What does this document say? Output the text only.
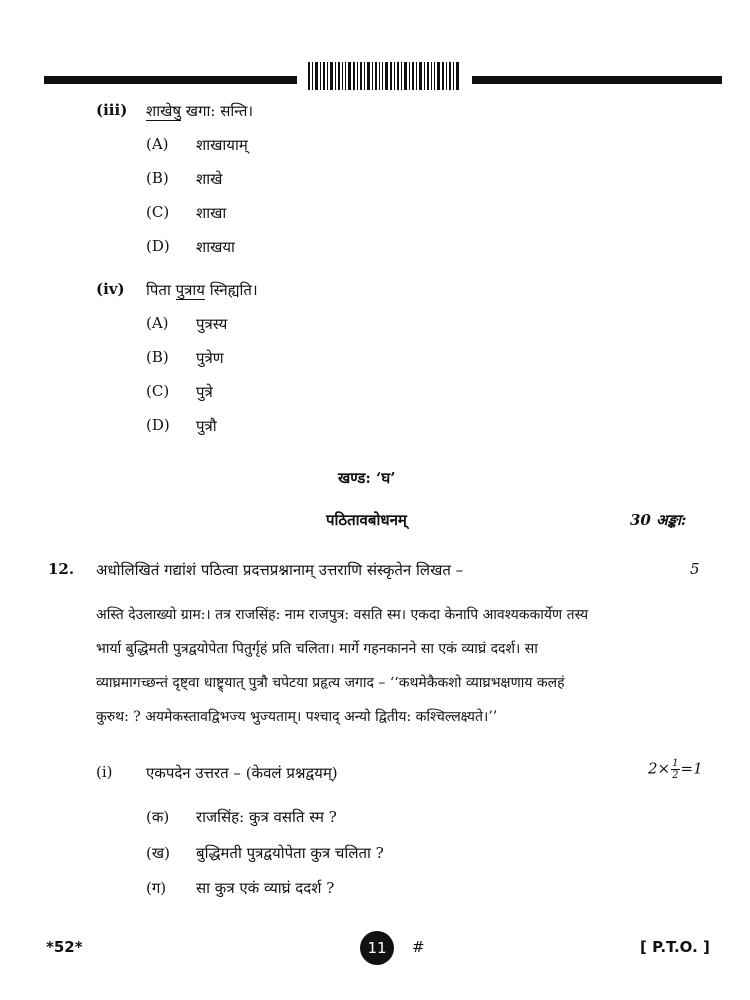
(iii) शाखेषु खगा: सन्ति।
(A) शाखायाम्
(B) शाखे
(C) शाखा
(D) शाखया
(iv) पिता पुत्राय स्निह्यति।
(A) पुत्रस्य
(B) पुत्रेण
(C) पुत्रे
(D) पुत्रौ
खण्ड: ‘घ’
पठितावबोधनम्	30 अङ्का:
12. अधोलिखितं गद्यांशं पठित्वा प्रदत्तप्रश्नानाम् उत्तराणि संस्कृतेन लिखत –	5
अस्ति देउलाख्यो ग्राम:। तत्र राजसिंह: नाम राजपुत्र: वसति स्म। एकदा केनापि आवश्यककार्येण तस्य
भार्या बुद्धिमती पुत्रद्वयोपेता पितुर्गृहं प्रति चलिता। मार्गे गहनकानने सा एकं व्याघ्रं ददर्श। सा
व्याघ्रमागच्छन्तं दृष्ट्वा धाष्ट्र्यात् पुत्रौ चपेटया प्रहृत्य जगाद – ‘‘कथमेकैकशो व्याघ्रभक्षणाय कलहं
कुरुथ: ? अयमेकस्तावद्विभज्य भुज्यताम्। पश्चाद् अन्यो द्वितीय: कश्चिल्लक्ष्यते।’’
(i) एकपदेन उत्तरत – (केवलं प्रश्नद्वयम्)	$2\times \frac{1}{2} =1$
(क) राजसिंह: कुत्र वसति स्म ?
(ख) बुद्धिमती पुत्रद्वयोपेता कुत्र चलिता ?
(ग) सा कुत्र एकं व्याघ्रं ददर्श ?
*52*	11	#	[ P.T.O. ]
